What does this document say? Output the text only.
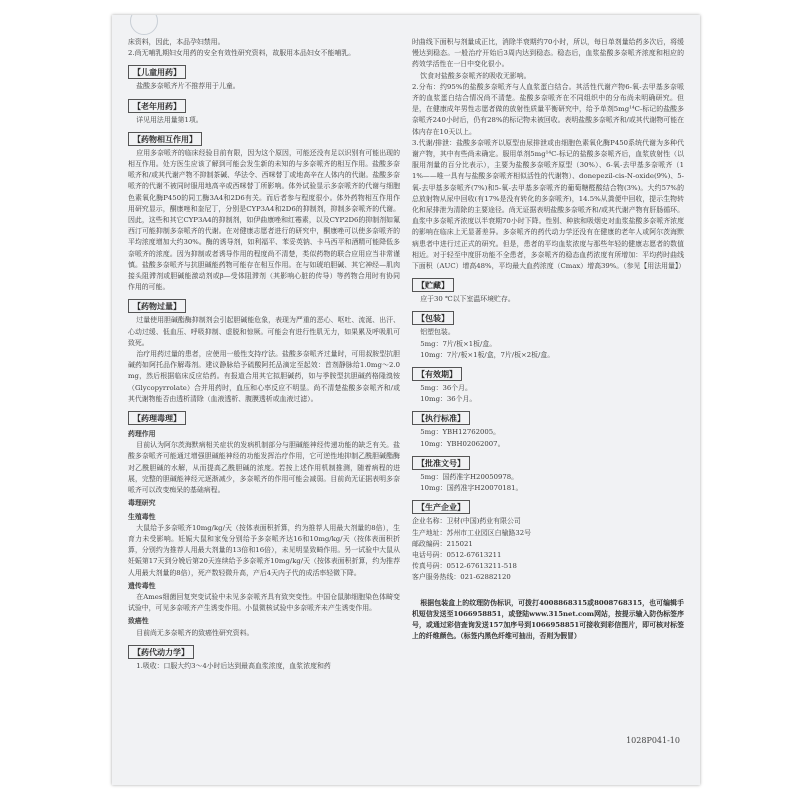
床资料，因此，本品孕妇禁用。

2.尚无哺乳期妇女用药的安全有效性研究资料，故服用本品妇女不能哺乳。

【儿童用药】

盐酸多奈哌齐片不推荐用于儿童。

【老年用药】

详见用法用量第1项。

【药物相互作用】

应用多奈哌齐的临床经验目前有限，因为这个原因，可能还没有足以识别有可能出现的相互作用。处方医生应该了解到可能会发生新的未知的与多奈哌齐的相互作用。盐酸多奈哌齐和/或其代谢产物不抑制茶碱、华法令、西咪替丁或地高辛在人体内的代谢。盐酸多奈哌齐的代谢不被同时服用地高辛或西咪替丁所影响。体外试验显示多奈哌齐的代谢与细胞色素氧化酶P450的同工酶3A4和2D6有关。而后者参与程度很小。体外药物相互作用作用研究显示，酮康唑和奎尼丁，分别是CYP3A4和2D6的抑制剂，抑制多奈哌齐的代谢。因此，这些和其它CYP3A4的抑制剂，如伊曲康唑和红霉素，以及CYP2D6的抑制剂如氟西汀可能抑制多奈哌齐的代谢。在对健康志愿者进行的研究中，酮康唑可以使多奈哌齐的平均浓度增加大约30%。酶的诱导剂，如利福平、苯妥英钠、卡马西平和酒精可能降低多奈哌齐的浓度。因为抑制或者诱导作用的程度尚不清楚，类似药物的联合应用应当非常谨慎。盐酸多奈哌齐与抗胆碱能药物可能存在相互作用。在与如琥珀胆碱、其它神经—肌肉接头阻滞剂或胆碱能激动剂或β—受体阻滞剂（其影响心脏的传导）等药物合用时有协同作用的可能。

【药物过量】

过量使用胆碱酯酶抑制剂会引起胆碱能危象，表现为严重的恶心、呕吐、流涎、出汗、心动过缓、低血压、呼吸抑制、虚脱和惊厥。可能会有进行性肌无力，如果累及呼吸肌可致死。

治疗用药过量的患者，应使用一般性支持疗法。盐酸多奈哌齐过量时，可用叔胺型抗胆碱药如阿托品作解毒剂。建议静脉给予硫酸阿托品滴定至起效：首剂静脉给1.0mg～2.0mg，然后根据临床反应给药。有报道合用其它拟胆碱药，如与季胺型抗胆碱药格隆溴铵（Glycopyrrolate）合并用药时，血压和心率反应不明显。尚不清楚盐酸多奈哌齐和/或其代谢物能否由透析清除（血液透析、腹膜透析或血液过滤）。

【药理毒理】

药理作用

目前认为阿尔茨海默病相关症状的发病机制部分与胆碱能神经传递功能的缺乏有关。盐酸多奈哌齐可能通过增强胆碱能神经的功能发挥治疗作用，它可逆性地抑制乙酰胆碱酯酶对乙酰胆碱的水解，从而提高乙酰胆碱的浓度。若按上述作用机制推测，随着病程的进展，完整的胆碱能神经元逐渐减少，多奈哌齐的作用可能会减弱。目前尚无证据表明多奈哌齐可以改变痴呆的基础病程。

毒理研究

生殖毒性

大鼠给予多奈哌齐10mg/kg/天（按体表面积折算，约为推荐人用最大剂量的8倍），生育力未受影响。妊娠大鼠和家兔分别给予多奈哌齐达16和10mg/kg/天（按体表面积折算，分别约为推荐人用最大剂量的13倍和16倍），未见明显致畸作用。另一试验中大鼠从妊娠第17天到分娩后第20天连续给予多奈哌齐10mg/kg/天（按体表面积折算，约为推荐人用最大剂量的8倍），死产数轻微升高，产后4天内子代的成活率轻微下降。

遗传毒性

在Ames细菌回复突变试验中未见多奈哌齐具有致突变性。中国仓鼠肺细胞染色体畸变试验中，可见多奈哌齐产生诱变作用。小鼠微核试验中多奈哌齐未产生诱变作用。

致癌性

目前尚无多奈哌齐的致癌性研究资料。

【药代动力学】

1.吸收：口服大约3～4小时后达到最高血浆浓度，血浆浓度和药

时曲线下面积与剂量成正比，消除半衰期约70小时，所以，每日单剂量给药多次后，将缓慢达到稳态。一般治疗开始后3周内达到稳态。稳态后，血浆盐酸多奈哌齐浓度和相应的药效学活性在一日中变化很小。

饮食对盐酸多奈哌齐的吸收无影响。

2.分布：约95%的盐酸多奈哌齐与人血浆蛋白结合。其活性代谢产物6-氧-去甲基多奈哌齐的血浆蛋白结合情况尚不清楚。盐酸多奈哌齐在不同组织中的分布尚未明确研究。但是，在健康成年男性志愿者做的放射性质量平衡研究中，给予单剂5mg¹⁴C-标记的盐酸多奈哌齐240小时后，仍有28%的标记物未被回收。表明盐酸多奈哌齐和/或其代谢物可能在体内存在10天以上。

3.代谢/排泄：盐酸多奈哌齐以原型由尿排泄或由细胞色素氧化酶P450系统代谢为多种代谢产物，其中有些尚未确定。服用单剂5mg¹⁴C-标记的盐酸多奈哌齐后，血浆放射性（以服用剂量的百分比表示），主要为盐酸多奈哌齐原型（30%）、6-氧-去甲基多奈哌齐（11%——唯一具有与盐酸多奈哌齐相似活性的代谢物）、donepezil-cis-N-oxide(9%)、5-氧-去甲基多奈哌齐(7%)和5-氧-去甲基多奈哌齐的葡萄糖醛酸结合物(3%)。大约57%的总放射物从尿中回收(有17%是没有转化的多奈哌齐)，14.5%从粪便中回收，提示生物转化和尿排泄为清除的主要途径。尚无证据表明盐酸多奈哌齐和/或其代谢产物有肝肠循环。血浆中多奈哌齐浓度以半衰期70小时下降。性别、种族和吸烟史对血浆盐酸多奈哌齐浓度的影响在临床上无显著差异。多奈哌齐的药代动力学还没有在健康的老年人或阿尔茨海默病患者中进行过正式的研究。但是，患者的平均血浆浓度与那些年轻的健康志愿者的数值相近。对于轻至中度肝功能不全患者，多奈哌齐的稳态血药浓度有所增加：平均药时曲线下面积（AUC）增高48%，平均最大血药浓度（Cmax）增高39%。（参见【用法用量】）

【贮藏】

应于30 ℃以下室温环境贮存。

【包装】

铝塑包装。

5mg：7片/板×1板/盒。

10mg：7片/板×1板/盒，7片/板×2板/盒。

【有效期】

5mg：36个月。

10mg：36个月。

【执行标准】

5mg：YBH12762005。

10mg：YBH02062007。

【批准文号】

5mg：国药准字H20050978。

10mg：国药准字H20070181。

【生产企业】

企业名称：卫材(中国)药业有限公司

生产地址：苏州市工业园区白榆路32号

邮政编码：215021

电话号码：0512-67613211

传真号码：0512-67613211-518

客户服务热线：021-62882120

根据包装盒上的纹理防伪标识，可拨打4008868315或8008768315，也可编辑手机短信发送至1066958851，或登陆www.315net.com网站，按提示输入防伪标签序号，或通过彩信查询发送157加序号到1066958851可接收到彩信图片，即可核对标签上的纤维颜色。（标签内黑色纤维可抽出，否则为假冒）

1028P041-10
